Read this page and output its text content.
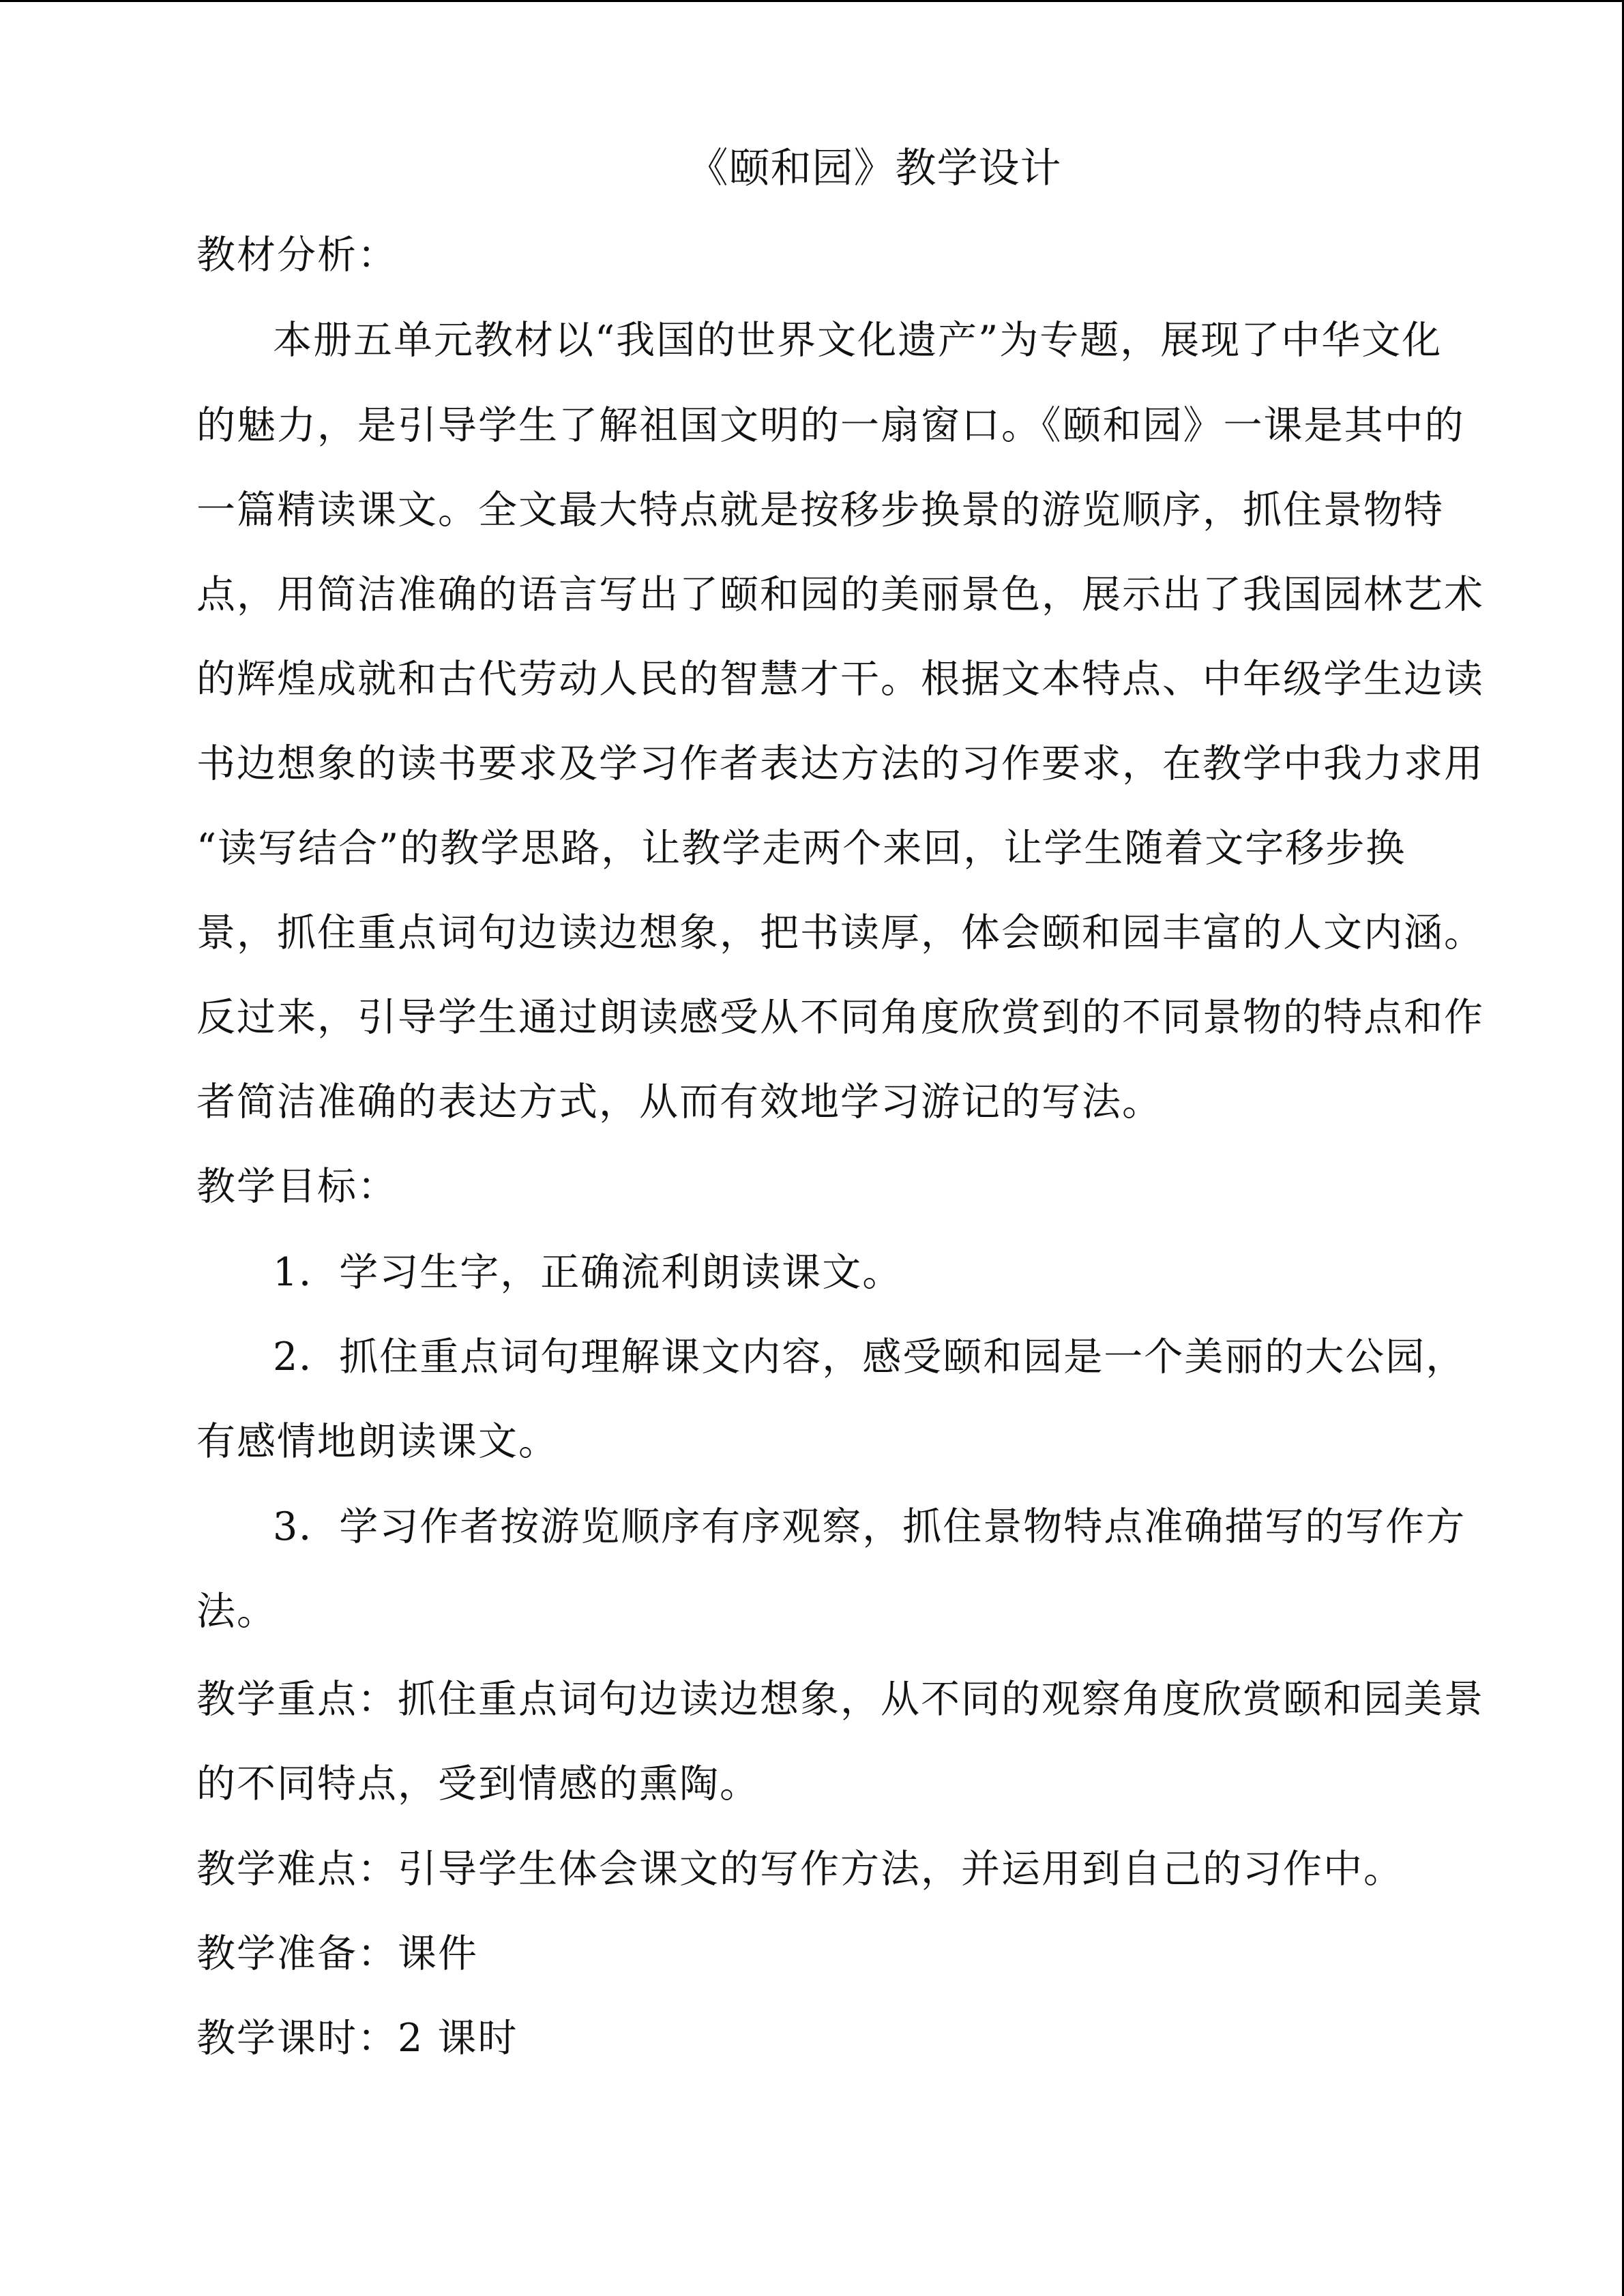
《颐和园》教学设计
教材分析：
本册五单元教材以“我国的世界文化遗产”为专题，展现了中华文化
的魅力，是引导学生了解祖国文明的一扇窗口。《颐和园》一课是其中的
一篇精读课文。全文最大特点就是按移步换景的游览顺序，抓住景物特
点，用简洁准确的语言写出了颐和园的美丽景色，展示出了我国园林艺术
的辉煌成就和古代劳动人民的智慧才干。根据文本特点、中年级学生边读
书边想象的读书要求及学习作者表达方法的习作要求，在教学中我力求用
“读写结合”的教学思路，让教学走两个来回，让学生随着文字移步换
景，抓住重点词句边读边想象，把书读厚，体会颐和园丰富的人文内涵。
反过来，引导学生通过朗读感受从不同角度欣赏到的不同景物的特点和作
者简洁准确的表达方式，从而有效地学习游记的写法。
教学目标：
1．学习生字，正确流利朗读课文。
2．抓住重点词句理解课文内容，感受颐和园是一个美丽的大公园，
有感情地朗读课文。
3．学习作者按游览顺序有序观察，抓住景物特点准确描写的写作方
法。
教学重点：抓住重点词句边读边想象，从不同的观察角度欣赏颐和园美景
的不同特点，受到情感的熏陶。
教学难点：引导学生体会课文的写作方法，并运用到自己的习作中。
教学准备：课件
教学课时：2 课时
